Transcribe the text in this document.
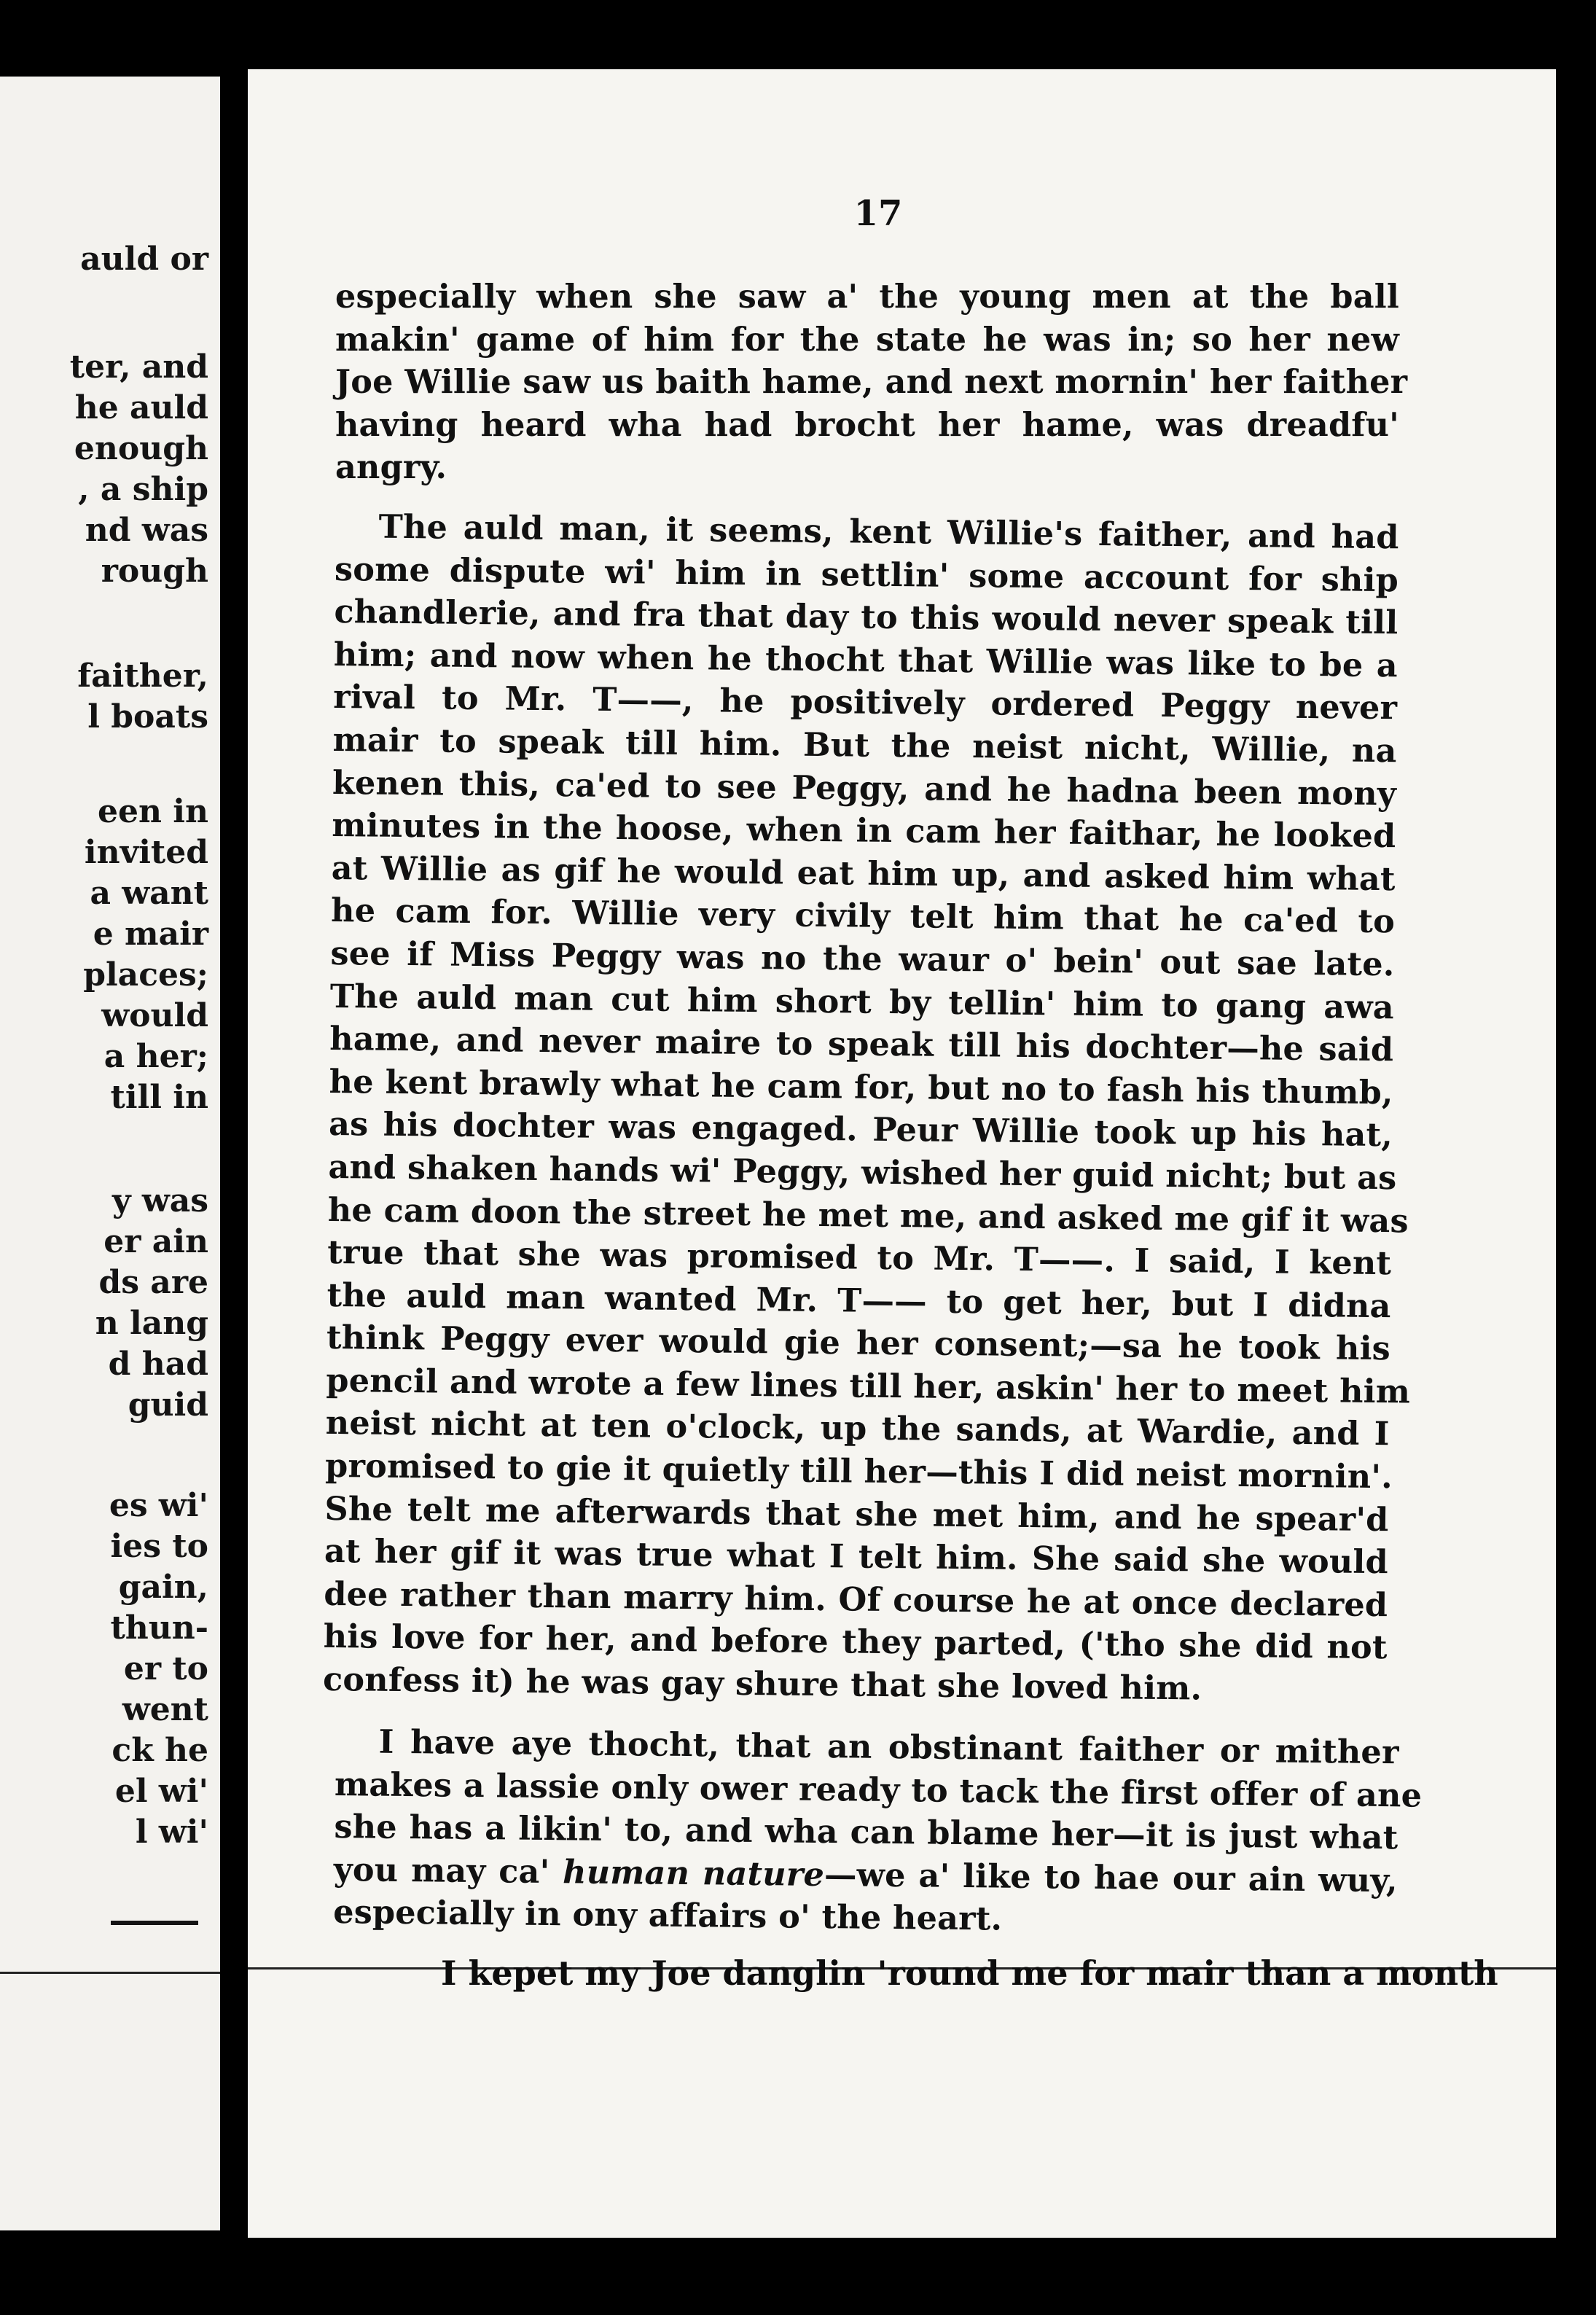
auld or

ter, and

he auld

enough

, a ship

nd was

rough

faither,

l boats

een in

invited

a want

e mair

places;

would

a her;

till in

y was

er ain

ds are

n lang

d had

guid

es wi'

ies to

gain,

thun-

er to

went

ck he

el wi'

l wi'

17

especially when she saw a' the young men at the ball
makin' game of him for the state he was in; so her new
Joe Willie saw us baith hame, and next mornin' her faither
having heard wha had brocht her hame, was dreadfu'
angry.
The auld man, it seems, kent Willie's faither, and had
some dispute wi' him in settlin' some account for ship
chandlerie, and fra that day to this would never speak till
him; and now when he thocht that Willie was like to be a
rival to Mr. T——, he positively ordered Peggy never
mair to speak till him. But the neist nicht, Willie, na
kenen this, ca'ed to see Peggy, and he hadna been mony
minutes in the hoose, when in cam her faithar, he looked
at Willie as gif he would eat him up, and asked him what
he cam for. Willie very civily telt him that he ca'ed to
see if Miss Peggy was no the waur o' bein' out sae late.
The auld man cut him short by tellin' him to gang awa
hame, and never maire to speak till his dochter—he said
he kent brawly what he cam for, but no to fash his thumb,
as his dochter was engaged. Peur Willie took up his hat,
and shaken hands wi' Peggy, wished her guid nicht; but as
he cam doon the street he met me, and asked me gif it was
true that she was promised to Mr. T——. I said, I kent
the auld man wanted Mr. T—— to get her, but I didna
think Peggy ever would gie her consent;—sa he took his
pencil and wrote a few lines till her, askin' her to meet him
neist nicht at ten o'clock, up the sands, at Wardie, and I
promised to gie it quietly till her—this I did neist mornin'.
She telt me afterwards that she met him, and he spear'd
at her gif it was true what I telt him. She said she would
dee rather than marry him. Of course he at once declared
his love for her, and before they parted, ('tho she did not
confess it) he was gay shure that she loved him.
I have aye thocht, that an obstinant faither or mither
makes a lassie only ower ready to tack the first offer of ane
she has a likin' to, and wha can blame her—it is just what
you may ca' human nature—we a' like to hae our ain wuy,
especially in ony affairs o' the heart.

I kepet my Joe danglin 'round me for mair than a month
